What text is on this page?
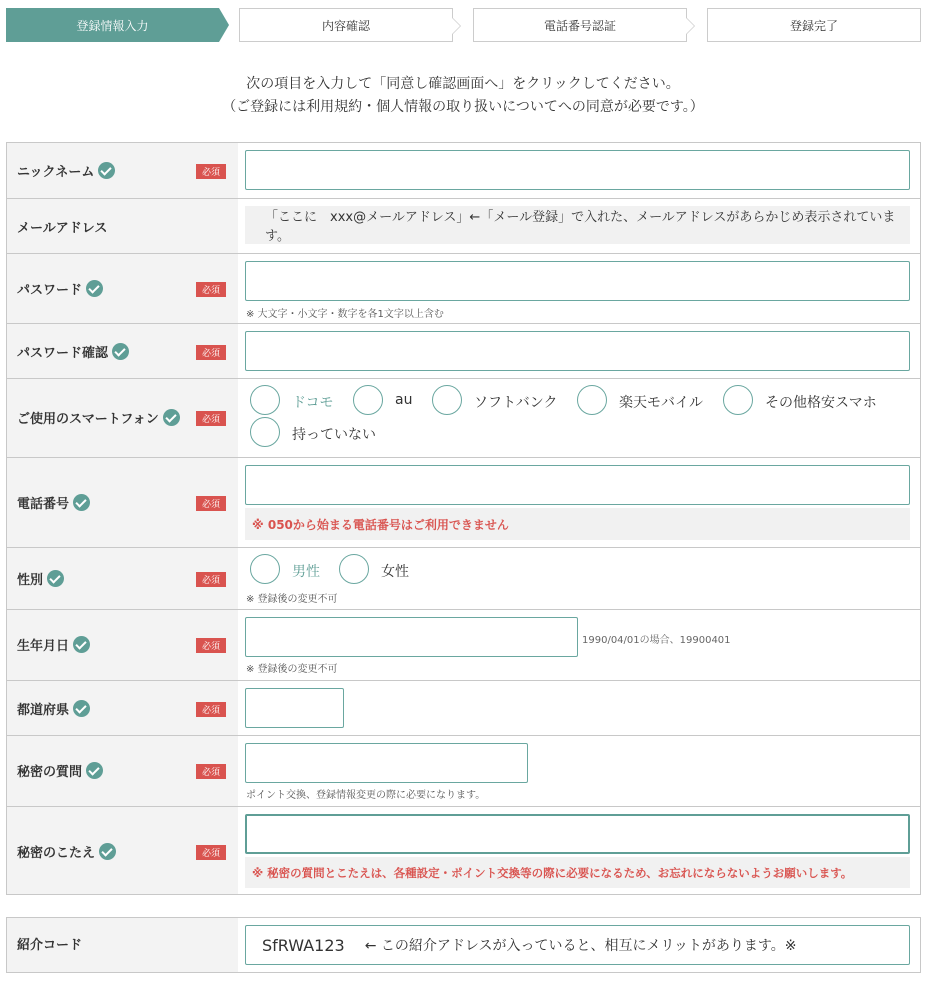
登録情報入力	内容確認	電話番号認証	登録完了
次の項目を入力して「同意し確認画面へ」をクリックしてください。
（ご登録には利用規約・個人情報の取り扱いについてへの同意が必要です。）
ニックネーム	必須
メールアドレス
「ここに　xxx@メールアドレス」←「メール登録」で入れた、メールアドレスがあらかじめ表示されています。
パスワード	必須
※ 大文字・小文字・数字を各1文字以上含む
パスワード確認	必須
ご使用のスマートフォン	必須
ドコモ	au	ソフトバンク	楽天モバイル	その他格安スマホ
持っていない
電話番号	必須
※ 050から始まる電話番号はご利用できません
性別	必須
男性	女性
※ 登録後の変更不可
生年月日	必須
1990/04/01の場合、19900401
※ 登録後の変更不可
都道府県	必須
秘密の質問	必須
ポイント交換、登録情報変更の際に必要になります。
秘密のこたえ	必須
※ 秘密の質問とこたえは、各種設定・ポイント交換等の際に必要になるため、お忘れにならないようお願いします。
紹介コード	SfRWA123 ← この紹介アドレスが入っていると、相互にメリットがあります。※
